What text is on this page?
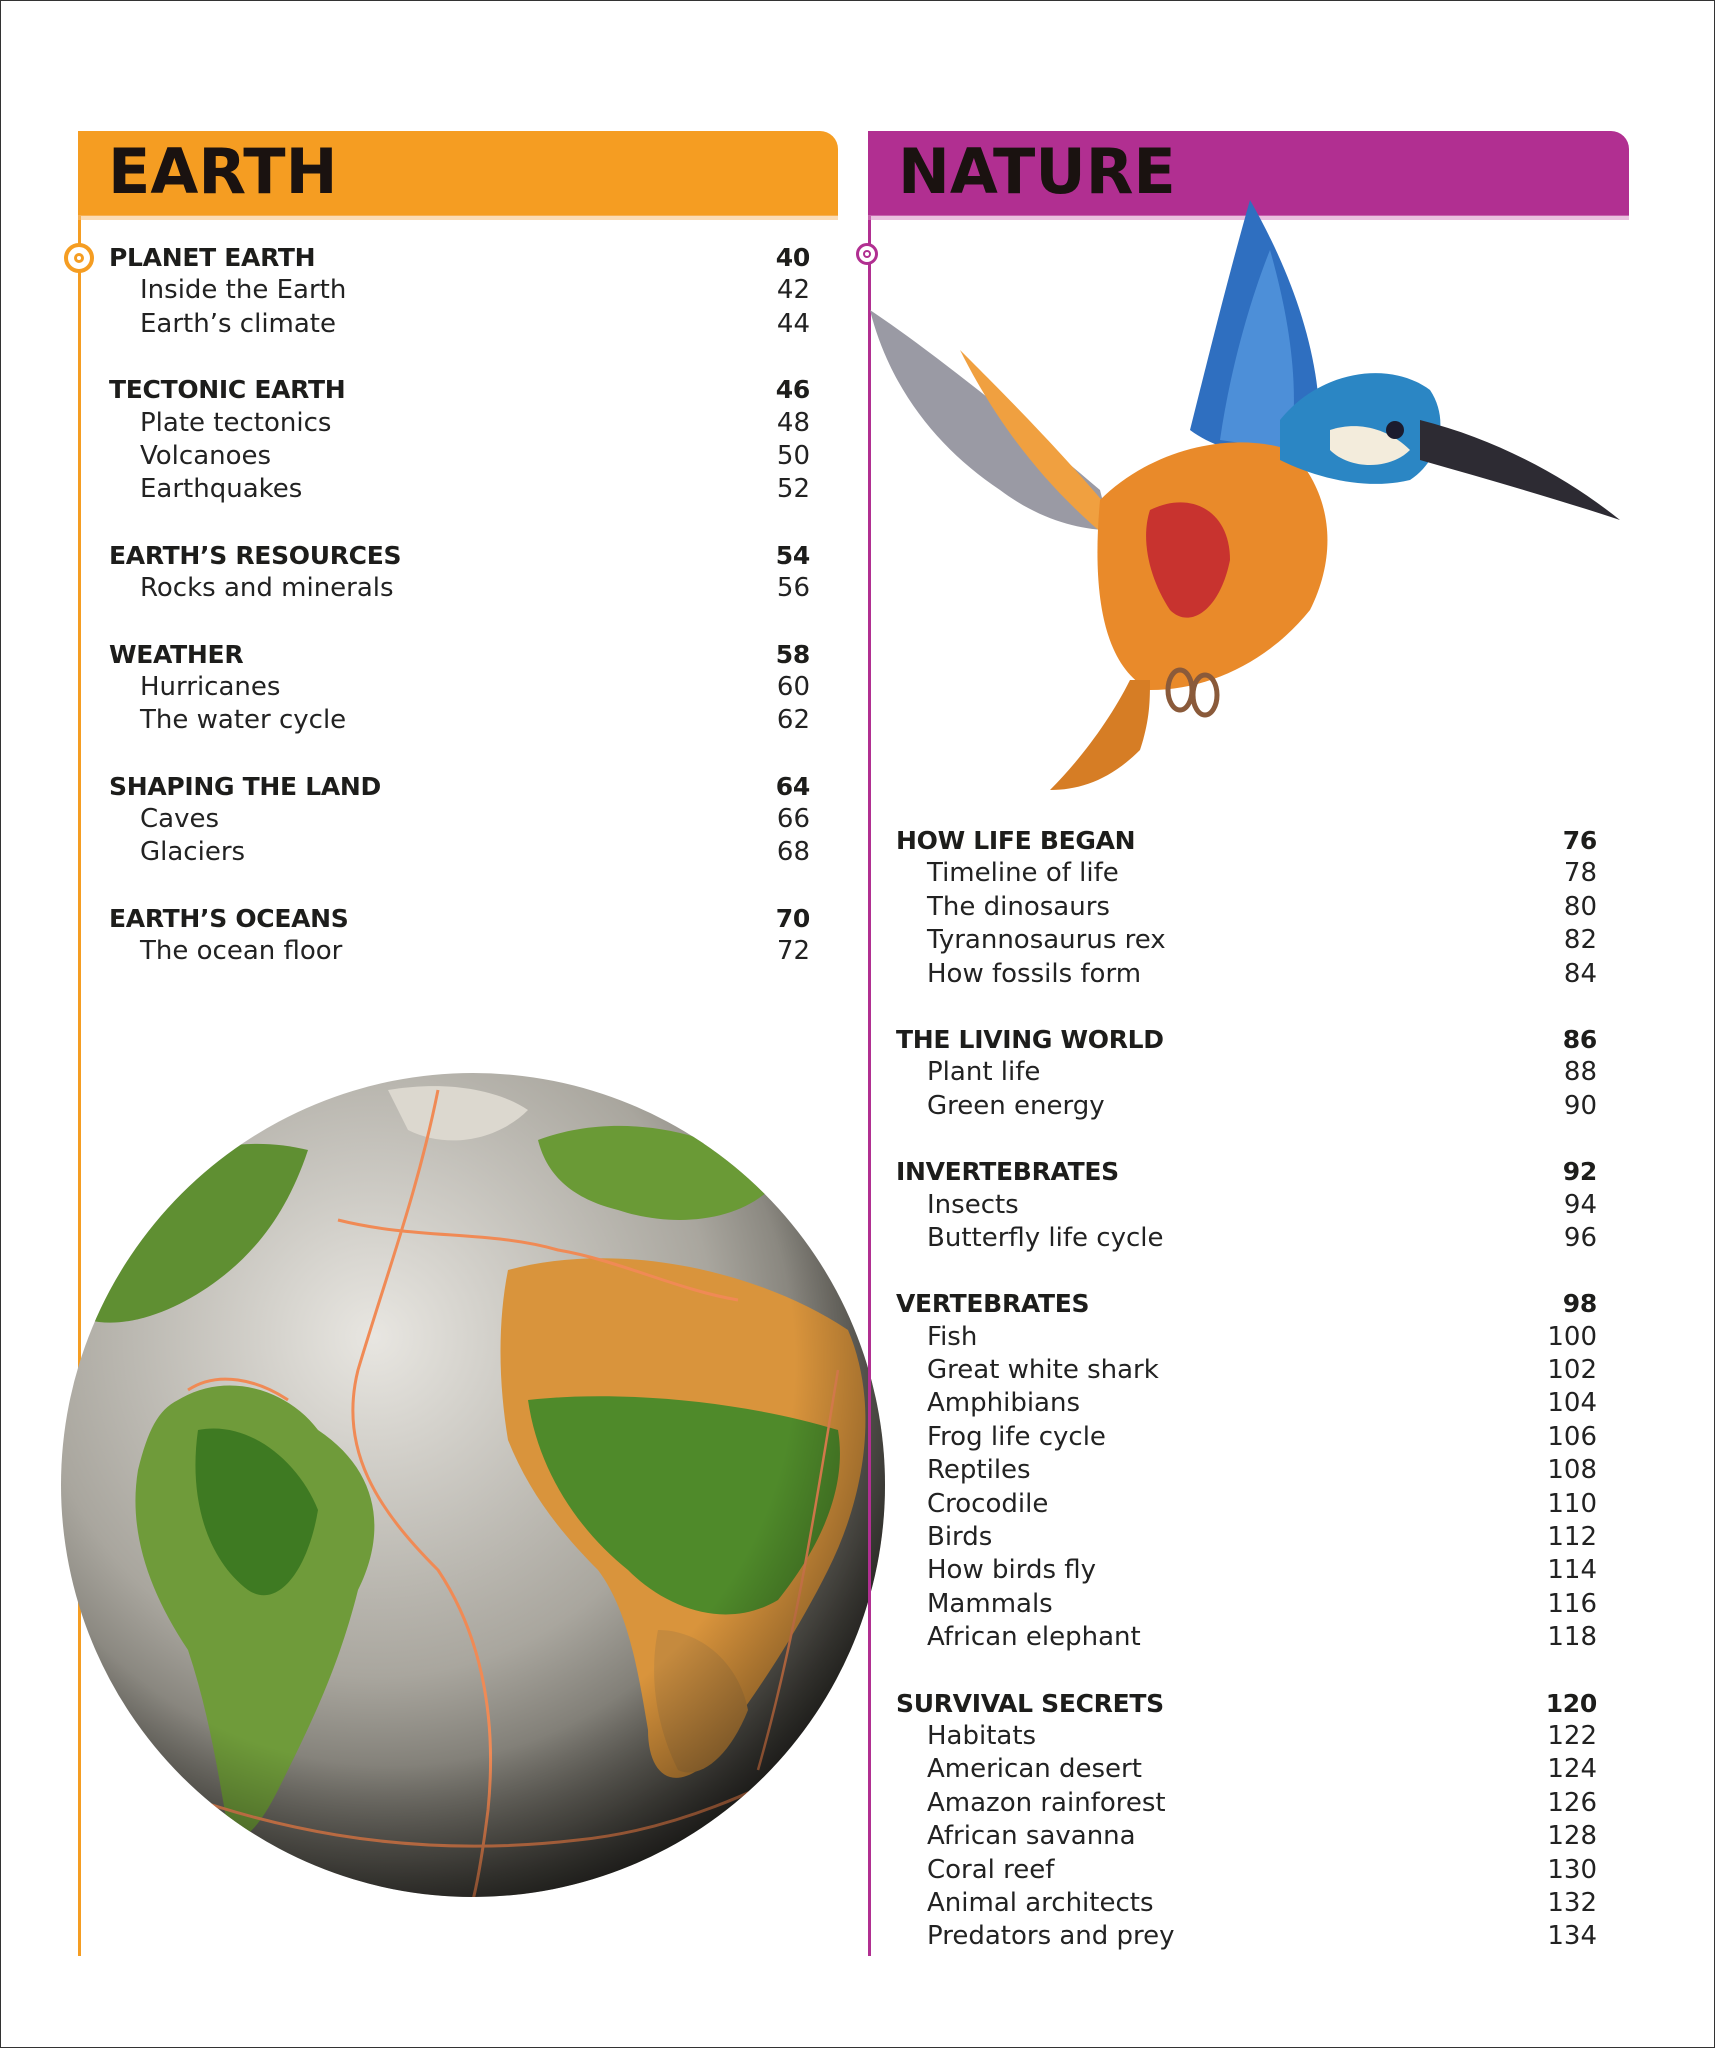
EARTH
PLANET EARTH	40
Inside the Earth	42
Earth’s climate	44
TECTONIC EARTH	46
Plate tectonics	48
Volcanoes	50
Earthquakes	52
EARTH’S RESOURCES	54
Rocks and minerals	56
WEATHER	58
Hurricanes	60
The water cycle	62
SHAPING THE LAND	64
Caves	66
Glaciers	68
EARTH’S OCEANS	70
The ocean floor	72
NATURE
HOW LIFE BEGAN	76
Timeline of life	78
The dinosaurs	80
Tyrannosaurus rex	82
How fossils form	84
THE LIVING WORLD	86
Plant life	88
Green energy	90
INVERTEBRATES	92
Insects	94
Butterfly life cycle	96
VERTEBRATES	98
Fish	100
Great white shark	102
Amphibians	104
Frog life cycle	106
Reptiles	108
Crocodile	110
Birds	112
How birds fly	114
Mammals	116
African elephant	118
SURVIVAL SECRETS	120
Habitats	122
American desert	124
Amazon rainforest	126
African savanna	128
Coral reef	130
Animal architects	132
Predators and prey	134
